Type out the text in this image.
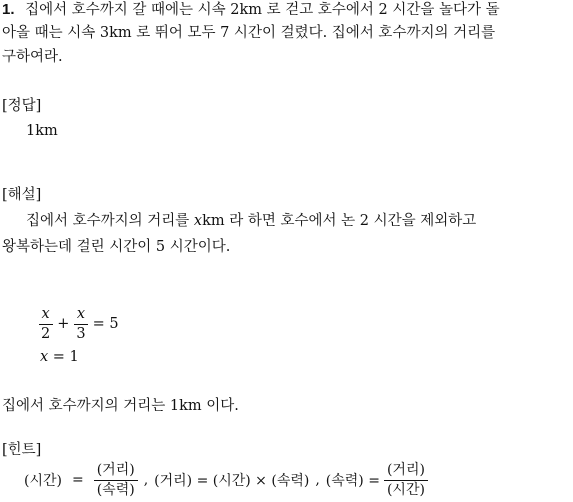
1. 집에서 호수까지 갈 때에는 시속 2km 로 걷고 호수에서 2 시간을 놀다가 돌
아올 때는 시속 3km 로 뛰어 모두 7 시간이 걸렸다. 집에서 호수까지의 거리를
구하여라.
[정답]
1km
[해설]
집에서 호수까지의 거리를 xkm 라 하면 호수에서 논 2 시간을 제외하고
왕복하는데 걸린 시간이 5 시간이다.
$\frac{x}{2} + \frac{x}{3} = 5$
x = 1
집에서 호수까지의 거리는 1km 이다.
[힌트]
(시간) = $\frac{\text{(거리)}}{\text{(속력)}}$ , (거리) = (시간) × (속력) , (속력) = $\frac{\text{(거리)}}{\text{(시간)}}$
